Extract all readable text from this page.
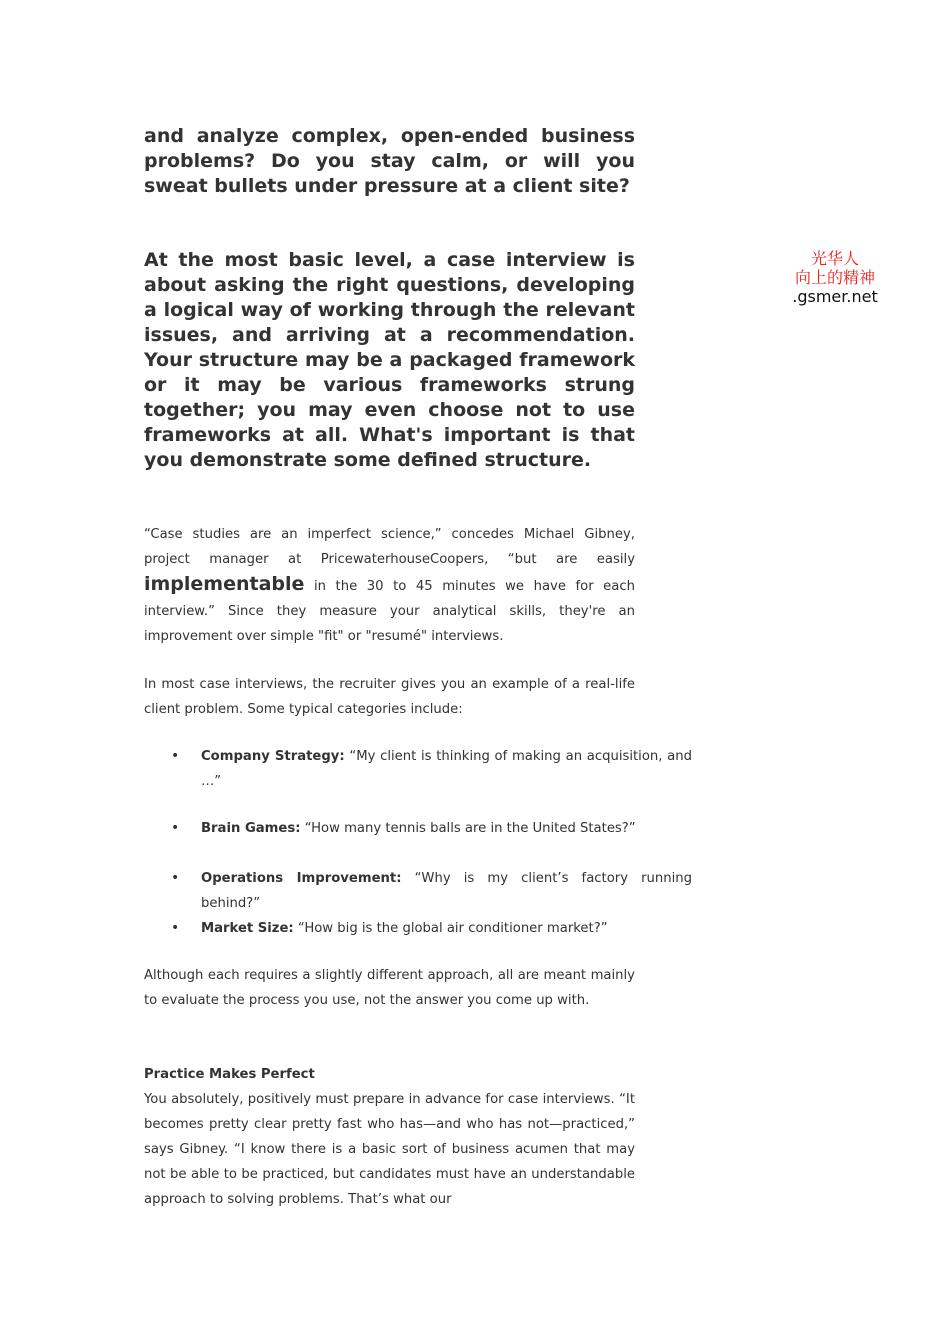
and analyze complex, open-ended business problems? Do you stay calm, or will you sweat bullets under pressure at a client site?

At the most basic level, a case interview is about asking the right questions, developing a logical way of working through the relevant issues, and arriving at a recommendation. Your structure may be a packaged framework or it may be various frameworks strung together; you may even choose not to use frameworks at all. What's important is that you demonstrate some defined structure.

“Case studies are an imperfect science,” concedes Michael Gibney, project manager at PricewaterhouseCoopers, “but are easily implementable in the 30 to 45 minutes we have for each interview.” Since they measure your analytical skills, they're an improvement over simple "fit" or "resumé" interviews.

In most case interviews, the recruiter gives you an example of a real-life client problem. Some typical categories include:

• Company Strategy: “My client is thinking of making an acquisition, and …”
• Brain Games: “How many tennis balls are in the United States?”
• Operations Improvement: “Why is my client’s factory running behind?”
• Market Size: “How big is the global air conditioner market?”

Although each requires a slightly different approach, all are meant mainly to evaluate the process you use, not the answer you come up with.

Practice Makes Perfect

You absolutely, positively must prepare in advance for case interviews. “It becomes pretty clear pretty fast who has—and who has not—practiced,” says Gibney. “I know there is a basic sort of business acumen that may not be able to be practiced, but candidates must have an understandable approach to solving problems. That’s what our

光华人
向上的精神
.gsmer.net
